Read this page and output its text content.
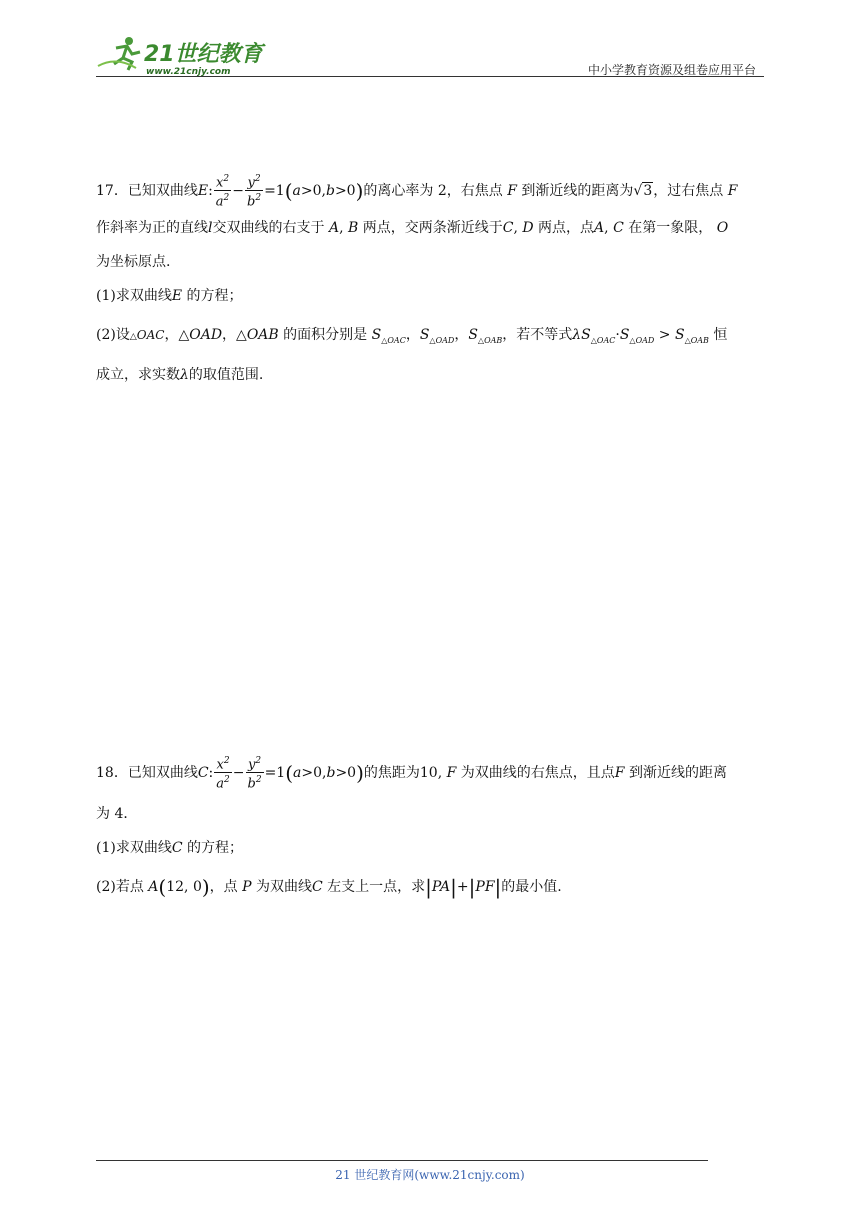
21世纪教育
www.21cnjy.com	中小学教育资源及组卷应用平台
17．已知双曲线E: $\frac{x^2}{a^2} - \frac{y^2}{b^2} =1(a>0,b>0)$的离心率为 2，右焦点 F 到渐近线的距离为√3，过右焦点 F
作斜率为正的直线l交双曲线的右支于 A, B 两点，交两条渐近线于C, D 两点，点A, C 在第一象限， O
为坐标原点.
(1)求双曲线E 的方程；
(2)设△OAC，△OAD，△OAB 的面积分别是 $S_{\triangle OAC}$，$S_{\triangle OAD}$，$S_{\triangle OAB}$，若不等式$\lambda S_{\triangle OAC}\cdot S_{\triangle OAD} > S_{\triangle OAB}$ 恒
成立，求实数λ的取值范围.
18．已知双曲线C: $\frac{x^2}{a^2} - \frac{y^2}{b^2} =1(a>0,b>0)$的焦距为10, F 为双曲线的右焦点，且点F 到渐近线的距离
为 4．
(1)求双曲线C 的方程；
(2)若点 A(12, 0)，点 P 为双曲线C 左支上一点，求|PA|+|PF|的最小值.
21 世纪教育网(www.21cnjy.com)
